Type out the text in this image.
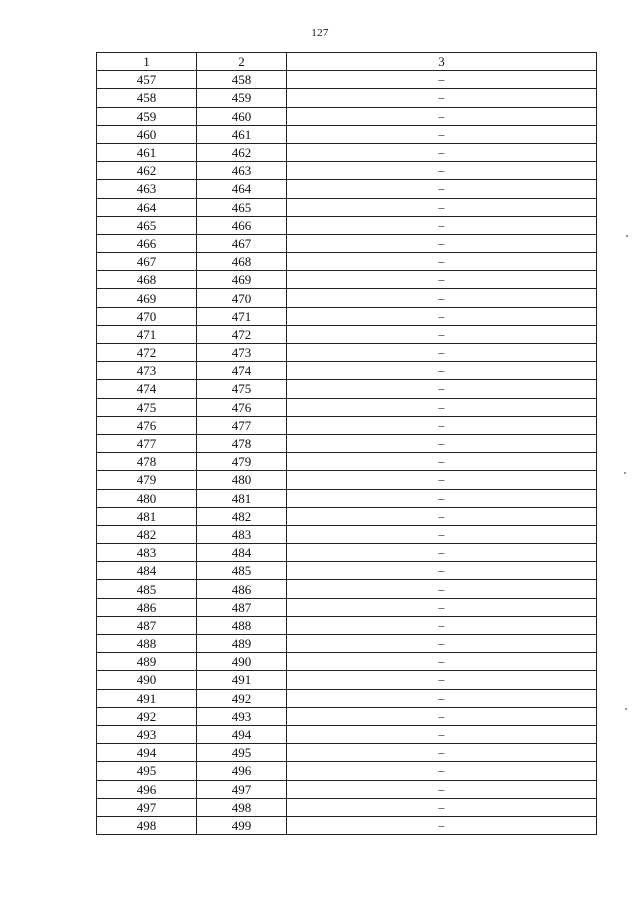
127
1	2	3
457	458	–
458	459	–
459	460	–
460	461	–
461	462	–
462	463	–
463	464	–
464	465	–
465	466	–
466	467	–
467	468	–
468	469	–
469	470	–
470	471	–
471	472	–
472	473	–
473	474	–
474	475	–
475	476	–
476	477	–
477	478	–
478	479	–
479	480	–
480	481	–
481	482	–
482	483	–
483	484	–
484	485	–
485	486	–
486	487	–
487	488	–
488	489	–
489	490	–
490	491	–
491	492	–
492	493	–
493	494	–
494	495	–
495	496	–
496	497	–
497	498	–
498	499	–
